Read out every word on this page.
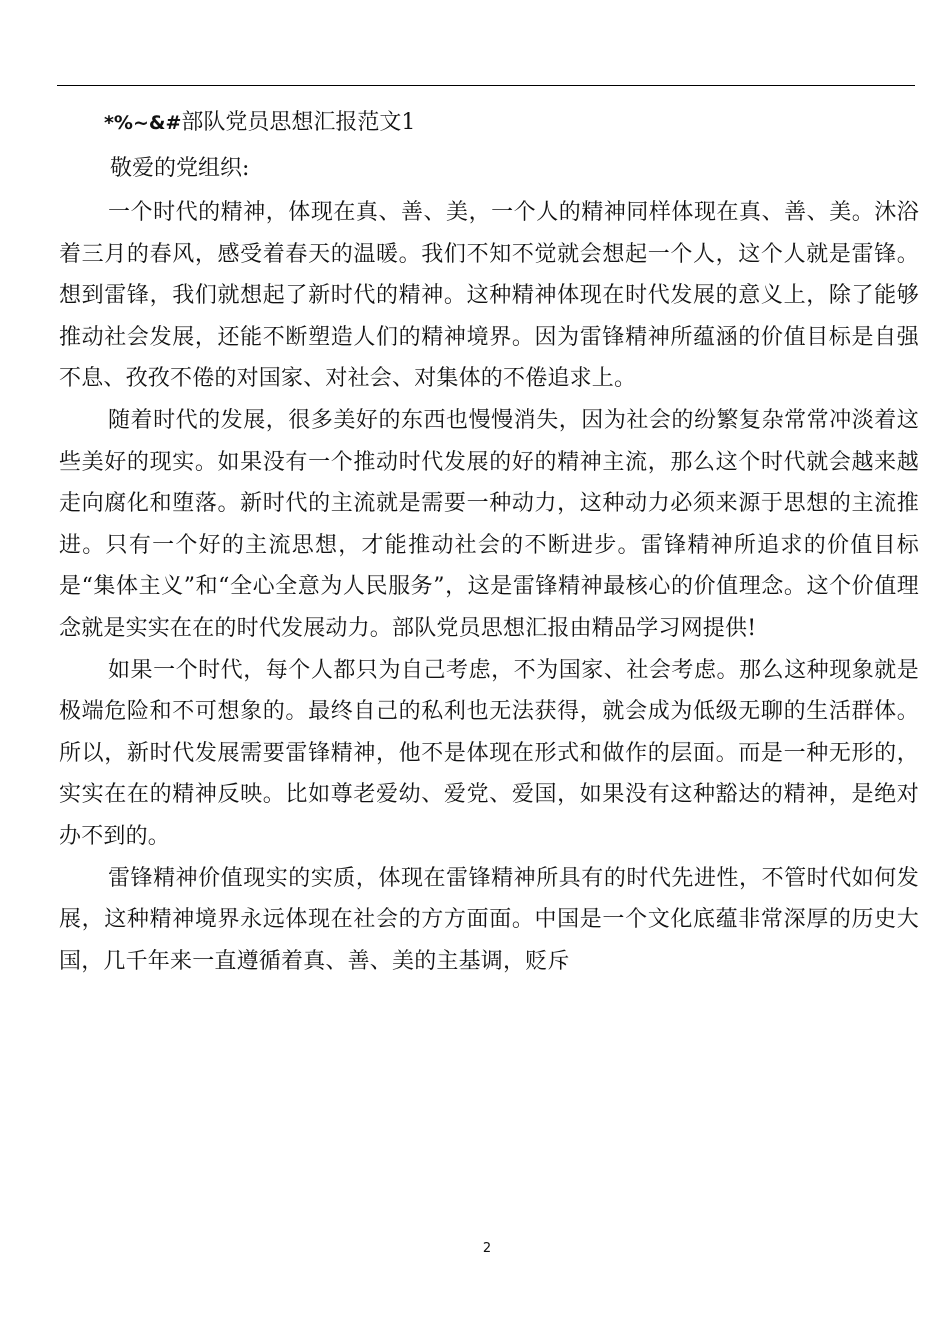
*%~&#部队党员思想汇报范文1

敬爱的党组织:

一个时代的精神，体现在真、善、美，一个人的精神同样体现在真、善、美。沐浴着三月的春风，感受着春天的温暖。我们不知不觉就会想起一个人，这个人就是雷锋。想到雷锋，我们就想起了新时代的精神。这种精神体现在时代发展的意义上，除了能够推动社会发展，还能不断塑造人们的精神境界。因为雷锋精神所蕴涵的价值目标是自强不息、孜孜不倦的对国家、对社会、对集体的不倦追求上。

随着时代的发展，很多美好的东西也慢慢消失，因为社会的纷繁复杂常常冲淡着这些美好的现实。如果没有一个推动时代发展的好的精神主流，那么这个时代就会越来越走向腐化和堕落。新时代的主流就是需要一种动力，这种动力必须来源于思想的主流推进。只有一个好的主流思想，才能推动社会的不断进步。雷锋精神所追求的价值目标是“集体主义”和“全心全意为人民服务”，这是雷锋精神最核心的价值理念。这个价值理念就是实实在在的时代发展动力。部队党员思想汇报由精品学习网提供!

如果一个时代，每个人都只为自己考虑，不为国家、社会考虑。那么这种现象就是极端危险和不可想象的。最终自己的私利也无法获得，就会成为低级无聊的生活群体。所以，新时代发展需要雷锋精神，他不是体现在形式和做作的层面。而是一种无形的，实实在在的精神反映。比如尊老爱幼、爱党、爱国，如果没有这种豁达的精神，是绝对办不到的。

雷锋精神价值现实的实质，体现在雷锋精神所具有的时代先进性，不管时代如何发展，这种精神境界永远体现在社会的方方面面。中国是一个文化底蕴非常深厚的历史大国，几千年来一直遵循着真、善、美的主基调，贬斥

2
